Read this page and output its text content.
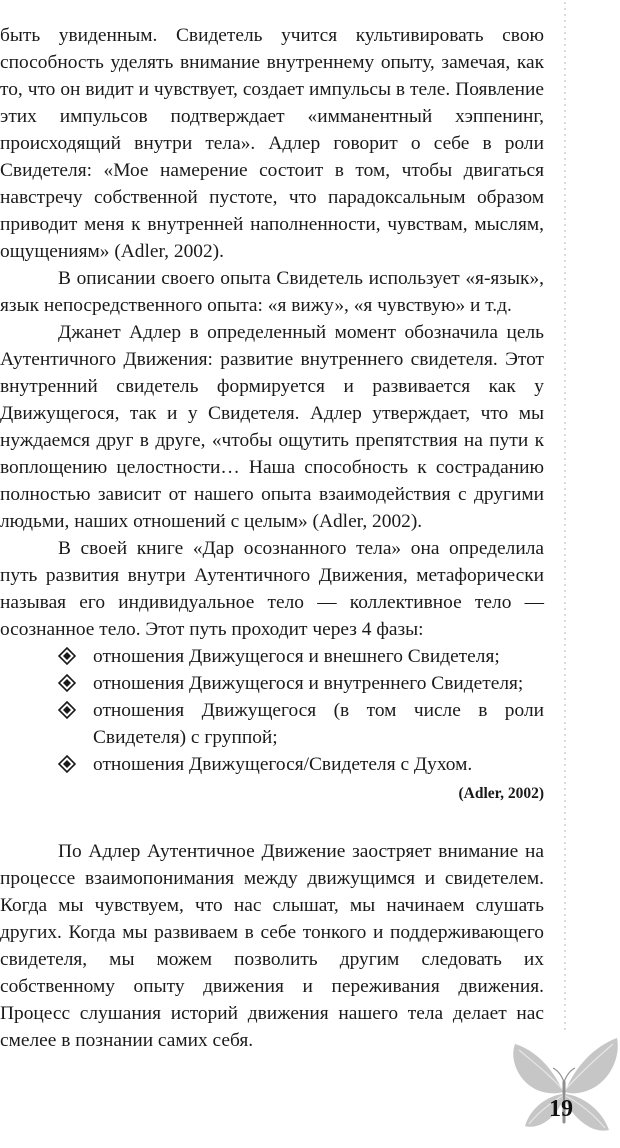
быть увиденным. Свидетель учится культивировать свою способность уделять внимание внутреннему опыту, замечая, как то, что он видит и чувствует, создает импульсы в теле. Появление этих импульсов подтверждает «имманентный хэппенинг, происходящий внутри тела». Адлер говорит о себе в роли Свидетеля: «Мое намерение состоит в том, чтобы двигаться навстречу собственной пустоте, что парадоксальным образом приводит меня к внутренней наполненности, чувствам, мыслям, ощущениям» (Adler, 2002).

В описании своего опыта Свидетель использует «я-язык», язык непосредственного опыта: «я вижу», «я чувствую» и т.д.

Джанет Адлер в определенный момент обозначила цель Аутентичного Движения: развитие внутреннего свидетеля. Этот внутренний свидетель формируется и развивается как у Движущегося, так и у Свидетеля. Адлер утверждает, что мы нуждаемся друг в друге, «чтобы ощутить препятствия на пути к воплощению целостности… Наша способность к состраданию полностью зависит от нашего опыта взаимодействия с другими людьми, наших отношений с целым» (Adler, 2002).

В своей книге «Дар осознанного тела» она определила путь развития внутри Аутентичного Движения, метафорически называя его индивидуальное тело — коллективное тело — осознанное тело. Этот путь проходит через 4 фазы:

отношения Движущегося и внешнего Свидетеля;
отношения Движущегося и внутреннего Свидетеля;
отношения Движущегося (в том числе в роли Свидетеля) с группой;
отношения Движущегося/Свидетеля с Духом.

(Adler, 2002)

По Адлер Аутентичное Движение заостряет внимание на процессе взаимопонимания между движущимся и свидетелем. Когда мы чувствуем, что нас слышат, мы начинаем слушать других. Когда мы развиваем в себе тонкого и поддерживающего свидетеля, мы можем позволить другим следовать их собственному опыту движения и переживания движения. Процесс слушания историй движения нашего тела делает нас смелее в познании самих себя.

19
